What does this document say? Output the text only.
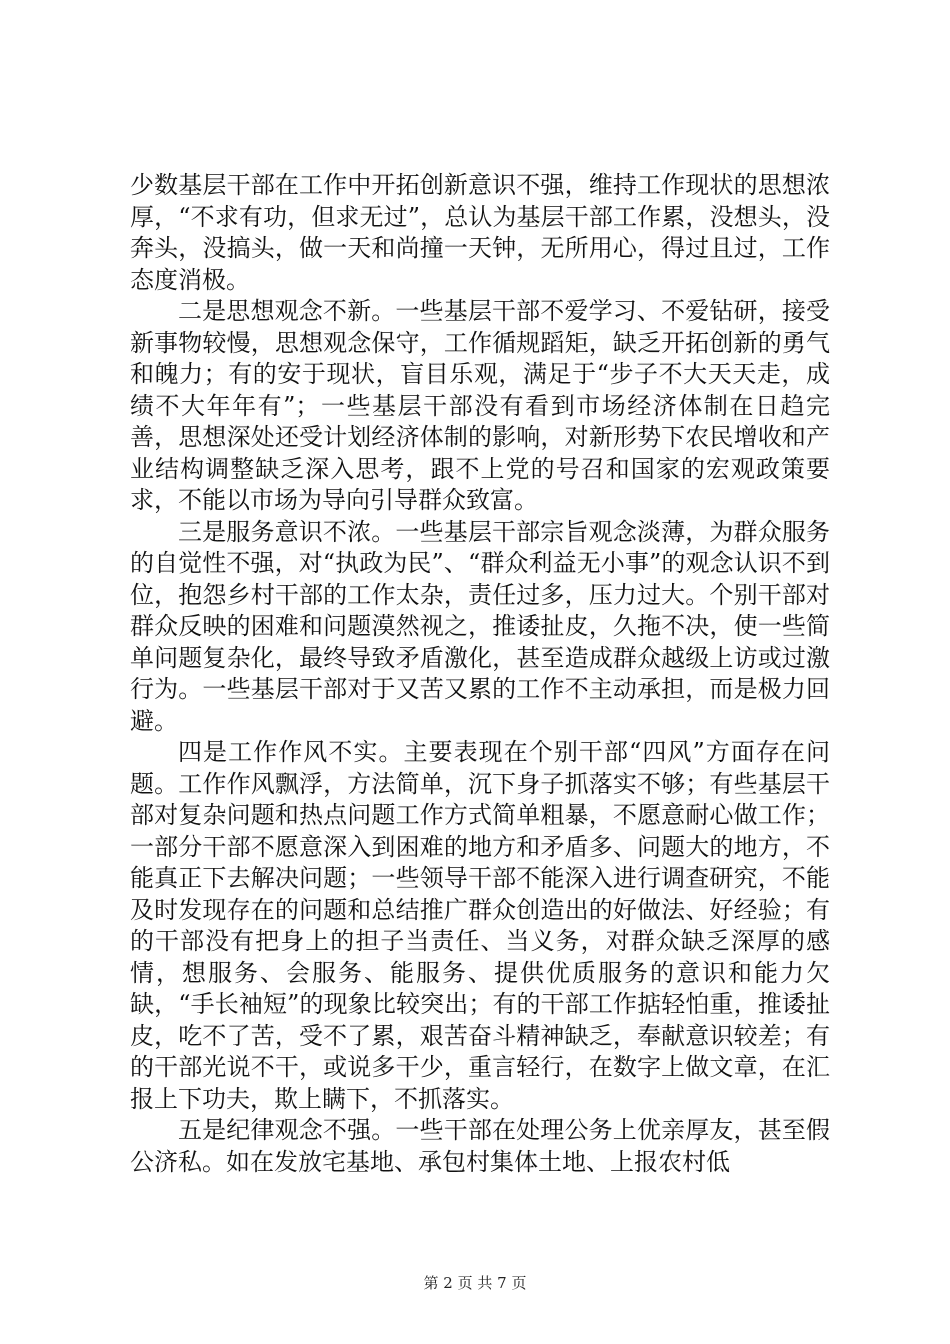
少数基层干部在工作中开拓创新意识不强，维持工作现状的思想浓厚，“不求有功，但求无过”，总认为基层干部工作累，没想头，没奔头，没搞头，做一天和尚撞一天钟，无所用心，得过且过，工作态度消极。

二是思想观念不新。一些基层干部不爱学习、不爱钻研，接受新事物较慢，思想观念保守，工作循规蹈矩，缺乏开拓创新的勇气和魄力；有的安于现状，盲目乐观，满足于“步子不大天天走，成绩不大年年有”；一些基层干部没有看到市场经济体制在日趋完善，思想深处还受计划经济体制的影响，对新形势下农民增收和产业结构调整缺乏深入思考，跟不上党的号召和国家的宏观政策要求，不能以市场为导向引导群众致富。

三是服务意识不浓。一些基层干部宗旨观念淡薄，为群众服务的自觉性不强，对“执政为民”、“群众利益无小事”的观念认识不到位，抱怨乡村干部的工作太杂，责任过多，压力过大。个别干部对群众反映的困难和问题漠然视之，推诿扯皮，久拖不决，使一些简单问题复杂化，最终导致矛盾激化，甚至造成群众越级上访或过激行为。一些基层干部对于又苦又累的工作不主动承担，而是极力回避。

四是工作作风不实。主要表现在个别干部“四风”方面存在问题。工作作风飘浮，方法简单，沉下身子抓落实不够；有些基层干部对复杂问题和热点问题工作方式简单粗暴，不愿意耐心做工作；一部分干部不愿意深入到困难的地方和矛盾多、问题大的地方，不能真正下去解决问题；一些领导干部不能深入进行调查研究，不能及时发现存在的问题和总结推广群众创造出的好做法、好经验；有的干部没有把身上的担子当责任、当义务，对群众缺乏深厚的感情，想服务、会服务、能服务、提供优质服务的意识和能力欠缺，“手长袖短”的现象比较突出；有的干部工作掂轻怕重，推诿扯皮，吃不了苦，受不了累，艰苦奋斗精神缺乏，奉献意识较差；有的干部光说不干，或说多干少，重言轻行，在数字上做文章，在汇报上下功夫，欺上瞒下，不抓落实。

五是纪律观念不强。一些干部在处理公务上优亲厚友，甚至假公济私。如在发放宅基地、承包村集体土地、上报农村低

第 2 页 共 7 页
